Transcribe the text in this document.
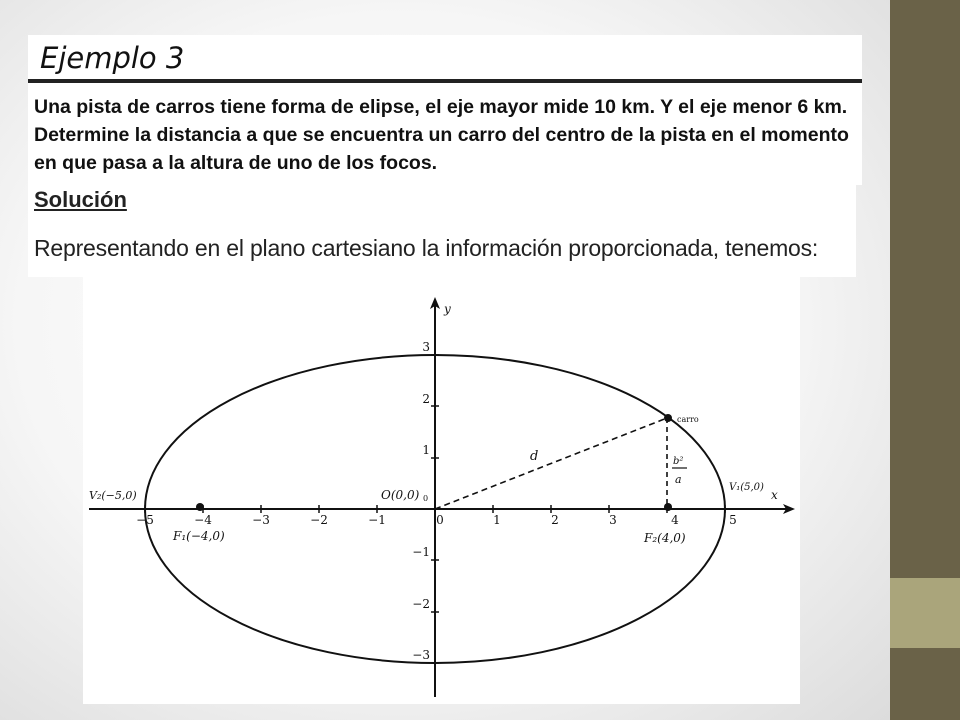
Ejemplo 3

Una pista de carros tiene forma de elipse, el eje mayor mide 10 km. Y el eje menor 6 km. Determine la distancia a que se encuentra un carro del centro de la pista en el momento en que pasa a la altura de uno de los focos.

Solución
Representando en el plano cartesiano la información proporcionada, tenemos:
−5	−4	−3	−2	−1	0	1	2	3	4	5
3
2
1
−1
−2
−3
y
x
carro
d	b²
a
O(0,0) 0
V₂(−5,0)
V₁(5,0)
F₁(−4,0)	F₂(4,0)
